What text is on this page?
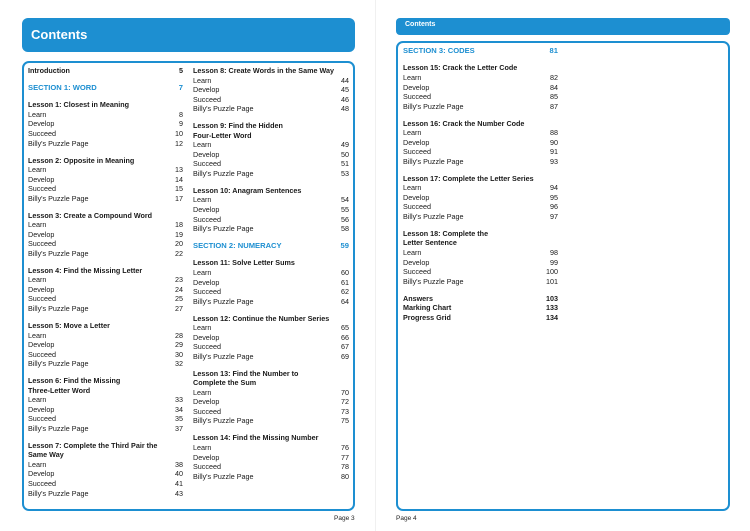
Contents
Introduction	5
SECTION 1: WORD	7
Lesson 1: Closest in Meaning
Learn	8
Develop	9
Succeed	10
Billy's Puzzle Page	12
Lesson 2: Opposite in Meaning
Learn	13
Develop	14
Succeed	15
Billy's Puzzle Page	17
Lesson 3: Create a Compound Word
Learn	18
Develop	19
Succeed	20
Billy's Puzzle Page	22
Lesson 4: Find the Missing Letter
Learn	23
Develop	24
Succeed	25
Billy's Puzzle Page	27
Lesson 5: Move a Letter
Learn	28
Develop	29
Succeed	30
Billy's Puzzle Page	32
Lesson 6: Find the Missing
Three-Letter Word
Learn	33
Develop	34
Succeed	35
Billy's Puzzle Page	37
Lesson 7: Complete the Third Pair the
Same Way
Learn	38
Develop	40
Succeed	41
Billy's Puzzle Page	43
Lesson 8: Create Words in the Same Way
Learn	44
Develop	45
Succeed	46
Billy's Puzzle Page	48
Lesson 9: Find the Hidden
Four-Letter Word
Learn	49
Develop	50
Succeed	51
Billy's Puzzle Page	53
Lesson 10: Anagram Sentences
Learn	54
Develop	55
Succeed	56
Billy's Puzzle Page	58
SECTION 2: NUMERACY	59
Lesson 11: Solve Letter Sums
Learn	60
Develop	61
Succeed	62
Billy's Puzzle Page	64
Lesson 12: Continue the Number Series
Learn	65
Develop	66
Succeed	67
Billy's Puzzle Page	69
Lesson 13: Find the Number to
Complete the Sum
Learn	70
Develop	72
Succeed	73
Billy's Puzzle Page	75
Lesson 14: Find the Missing Number
Learn	76
Develop	77
Succeed	78
Billy's Puzzle Page	80
Page 3
Contents
SECTION 3: CODES	81
Lesson 15: Crack the Letter Code
Learn	82
Develop	84
Succeed	85
Billy's Puzzle Page	87
Lesson 16: Crack the Number Code
Learn	88
Develop	90
Succeed	91
Billy's Puzzle Page	93
Lesson 17: Complete the Letter Series
Learn	94
Develop	95
Succeed	96
Billy's Puzzle Page	97
Lesson 18: Complete the
Letter Sentence
Learn	98
Develop	99
Succeed	100
Billy's Puzzle Page	101
Answers	103
Marking Chart	133
Progress Grid	134
Page 4
